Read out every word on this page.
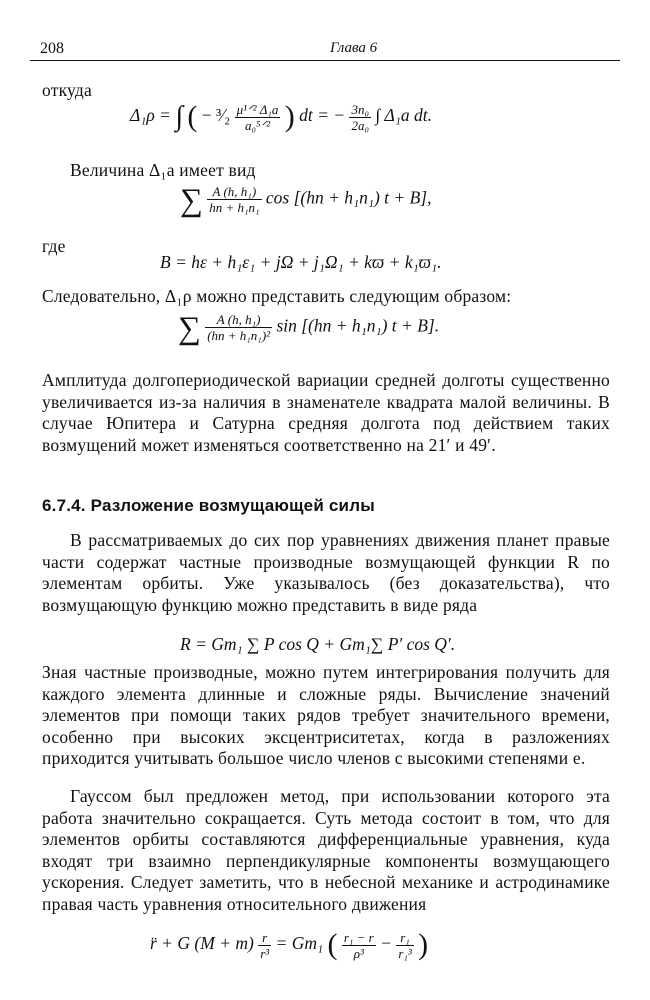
208	Глава 6
откуда
Δ₁ρ = ∫ ( − ³⁄₂ $\frac{\text{μ¹ᐟ² Δ₁a}}{\text{a₀⁵ᐟ²}}$ ) dt = − $\frac{\text{3n₀}}{\text{2a₀}}$ ∫ Δ₁a dt.
Величина Δ₁a имеет вид
∑ $\frac{\text{A (h, h₁)}}{\text{hn + h₁n₁}}$ cos [(hn + h₁n₁) t + B],
где
B = hε + h₁ε₁ + jΩ + j₁Ω₁ + kϖ + k₁ϖ₁.
Следовательно, Δ₁ρ можно представить следующим образом:
∑ $\frac{\text{A (h, h₁)}}{\text{(hn + h₁n₁)²}}$ sin [(hn + h₁n₁) t + B].
Амплитуда долгопериодической вариации средней долготы существенно увеличивается из-за наличия в знаменателе квадрата малой величины. В случае Юпитера и Сатурна средняя долгота под действием таких возмущений может изменяться соответственно на 21′ и 49′.
6.7.4. Разложение возмущающей силы
В рассматриваемых до сих пор уравнениях движения планет правые части содержат частные производные возмущающей функции R по элементам орбиты. Уже указывалось (без доказательства), что возмущающую функцию можно представить в виде ряда
R = Gm₁ ∑ P cos Q + Gm₁∑ P′ cos Q′.
Зная частные производные, можно путем интегрирования получить для каждого элемента длинные и сложные ряды. Вычисление значений элементов при помощи таких рядов требует значительного времени, особенно при высоких эксцентриситетах, когда в разложениях приходится учитывать большое число членов с высокими степенями e.
Гауссом был предложен метод, при использовании которого эта работа значительно сокращается. Суть метода состоит в том, что для элементов орбиты составляются дифференциальные уравнения, куда входят три взаимно перпендикулярные компоненты возмущающего ускорения. Следует заметить, что в небесной механике и астродинамике правая часть уравнения относительного движения
r̈ + G $(M + m) \frac{r}{\text{r³}} = Gm_1$ ( $\frac{\text{r₁ − r}}{\text{ρ³}} - \frac{\text{r₁}}{\text{r₁³}}$ )
